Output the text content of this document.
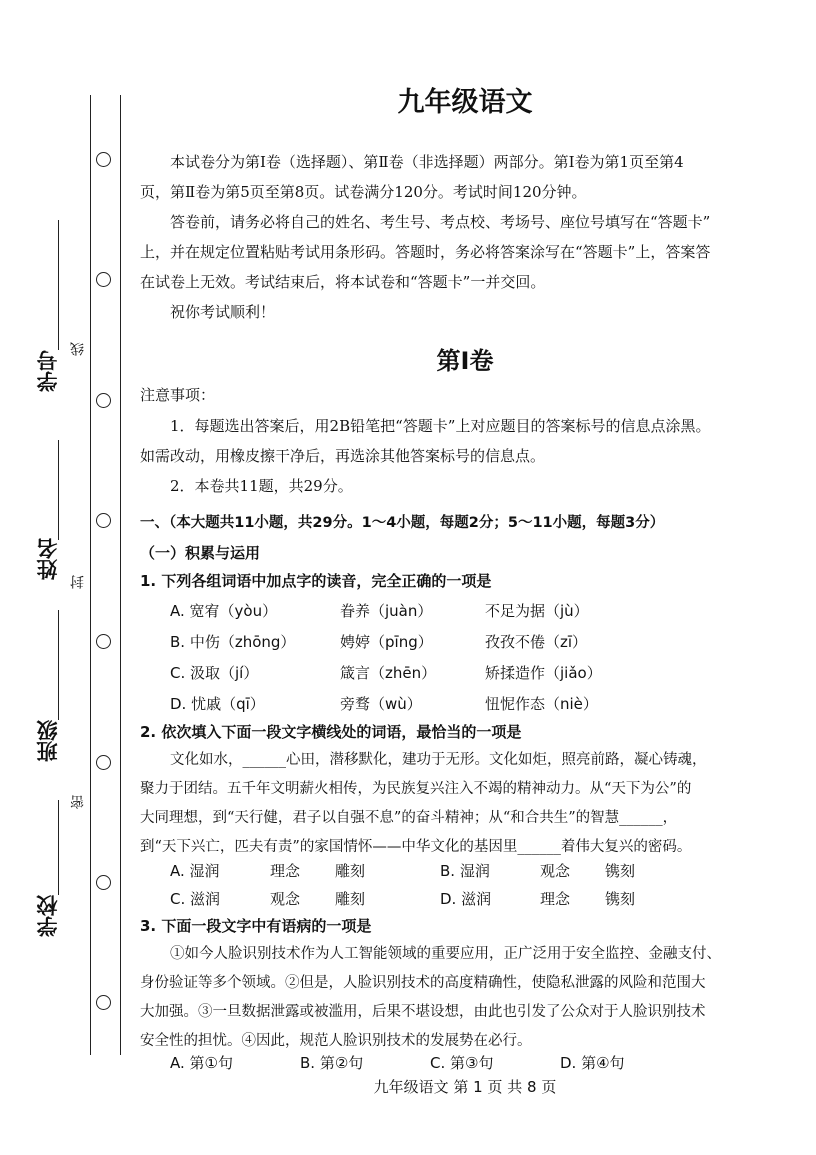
学号
姓名
班级
学校
线
封
密
九年级语文
本试卷分为第Ⅰ卷（选择题）、第Ⅱ卷（非选择题）两部分。第Ⅰ卷为第1页至第4
页，第Ⅱ卷为第5页至第8页。试卷满分120分。考试时间120分钟。
答卷前，请务必将自己的姓名、考生号、考点校、考场号、座位号填写在“答题卡”
上，并在规定位置粘贴考试用条形码。答题时，务必将答案涂写在“答题卡”上，答案答
在试卷上无效。考试结束后，将本试卷和“答题卡”一并交回。
祝你考试顺利！
第Ⅰ卷
注意事项：
1．每题选出答案后，用2B铅笔把“答题卡”上对应题目的答案标号的信息点涂黑。
如需改动，用橡皮擦干净后，再选涂其他答案标号的信息点。
2．本卷共11题，共29分。
一、（本大题共11小题，共29分。1～4小题，每题2分；5～11小题，每题3分）
（一）积累与运用
1. 下列各组词语中加点字的读音，完全正确的一项是
A. 宽宥（yòu）	眷养（juàn）	不足为据（jù）
B. 中伤（zhōng）	娉婷（pīng）	孜孜不倦（zī）
C. 汲取（jí）	箴言（zhēn）	矫揉造作（jiǎo）
D. 忧戚（qī）	旁骛（wù）	忸怩作态（niè）
2. 依次填入下面一段文字横线处的词语，最恰当的一项是
文化如水，______心田，潜移默化，建功于无形。文化如炬，照亮前路，凝心铸魂，
聚力于团结。五千年文明薪火相传，为民族复兴注入不竭的精神动力。从“天下为公”的
大同理想，到“天行健，君子以自强不息”的奋斗精神；从“和合共生”的智慧______，
到“天下兴亡，匹夫有责”的家国情怀——中华文化的基因里______着伟大复兴的密码。
A. 湿润	理念 雕刻	B. 湿润	观念 镌刻
C. 滋润	观念 雕刻	D. 滋润	理念 镌刻
3. 下面一段文字中有语病的一项是
①如今人脸识别技术作为人工智能领域的重要应用，正广泛用于安全监控、金融支付、
身份验证等多个领域。②但是，人脸识别技术的高度精确性，使隐私泄露的风险和范围大
大加强。③一旦数据泄露或被滥用，后果不堪设想，由此也引发了公众对于人脸识别技术
安全性的担忧。④因此，规范人脸识别技术的发展势在必行。
A. 第①句	B. 第②句	C. 第③句	D. 第④句
九年级语文 第 1 页 共 8 页
